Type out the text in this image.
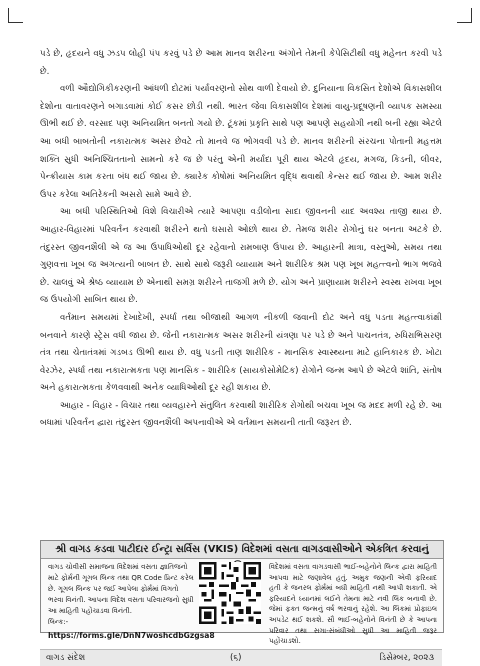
પડે છે, હૃદયને વધુ ઝડપ લોહી પંપ કરવું પડે છે આમ માનવ શરીરના અંગોને તેમની કેપેસિટીથી વધુ મહેનત કરવી પડે છે.

વળી ઔદ્યોગિકીકરણની આંધળી દોટમાં પર્યાવરણનો સોથ વાળી દેવાયો છે. દુનિયાના વિકસિત દેશોએ વિકાસશીલ દેશોના વાતાવરણને બગાડવામાં કોઈ કસર છોડી નથી. ભારત જેવા વિકાસશીલ દેશમાં વાયુ-પ્રદૂષણની વ્યાપક સમસ્યા ઊભી થઈ છે. વરસાદ પણ અનિયમિત બનતો ગયો છે. ટૂંકમાં પ્રકૃતિ સાથે પણ આપણે સહયોગી નથી બની રહ્યા એટલે આ બધી બાબતોની નકારાત્મક અસર છેવટે તો માનવે જ ભોગવવી પડે છે. માનવ શરીરની સંરચના પોતાની મહત્તમ શક્તિ સુધી અનિશ્ચિતતાનો સામનો કરે જ છે પરંતુ એની મર્યાદા પૂરી થાય એટલે હૃદય, મગજ, કિડની, લીવર, પેન્ક્રીયાસ કામ કરતા બંધ થઈ જાય છે. ક્યારેક કોષોમાં અનિયમિત વૃદ્ધિ થવાથી કેન્સર થઈ જાય છે. આમ શરીર ઉપર કરેલા અતિરેકની અસરો સામે આવે છે.

આ બધી પરિસ્થિતિઓ વિશે વિચારીએ ત્યારે આપણા વડીલોના સાદા જીવનની યાદ અવશ્ય તાજી થાય છે. આહાર-વિહારમાં પરિવર્તન કરવાથી શરીરને થતો ઘસારો ઓછો થાય છે. તેમજ શરીર રોગોનું ઘર બનતા અટકે છે. તંદુરસ્ત જીવનશૈલી એ જ આ ઉપાધિઓથી દૂર રહેવાનો રામબાણ ઉપાય છે. આહારની માત્રા, વસ્તુઓ, સમય તથા ગુણવત્તા ખૂબ જ અગત્યની બાબત છે. સાથે સાથે જરૂરી વ્યાયામ અને શારીરિક શ્રમ પણ ખૂબ મહત્ત્વનો ભાગ ભજવે છે. ચાલવું એ શ્રેષ્ઠ વ્યાયામ છે એનાથી સમગ્ર શરીરને તાજગી મળે છે. યોગ અને પ્રાણાયામ શરીરને સ્વસ્થ રાખવા ખૂબ જ ઉપયોગી સાબિત થાય છે.

વર્તમાન સમયમાં દેખાદેખી, સ્પર્ધા તથા બીજાથી આગળ નીકળી જવાની દોટ અને વધુ પડતા મહત્ત્વાકાંક્ષી બનવાને કારણે સ્ટ્રેસ વધી જાય છે. જેની નકારાત્મક અસર શરીરની યંત્રણા પર પડે છે અને પાચનતંત્ર, રુધિરાભિસરણ તંત્ર તથા ચેતાતંત્રમાં ગડબડ ઊભી થાય છે. વધુ પડતી તાણ શારીરિક - માનસિક સ્વાસ્થ્યના માટે હાનિકારક છે. ખોટા વેરઝેર, સ્પર્ધા તથા નકારાત્મકતા પણ માનસિક - શારીરિક (સાયકોસોમેટિક) રોગોને જન્મ આપે છે એટલે શાંતિ, સંતોષ અને હકારાત્મકતા કેળવવાથી અનેક વ્યાધિઓથી દૂર રહી શકાય છે.

આહાર - વિહાર - વિચાર તથા વ્યવહારને સંતુલિત કરવાથી શારીરિક રોગોથી બચવા ખૂબ જ મદદ મળી રહે છે. આ બધામાં પરિવર્તન દ્વારા તંદુરસ્ત જીવનશૈલી અપનાવીએ એ વર્તમાન સમયની તાતી જરૂરત છે.

શ્રી વાગડ કડવા પાટીદાર ઈન્ટ્રા સર્વિસ (VKIS) વિદેશમાં વસતા વાગડવાસીઓને એકત્રિત કરવાનું
વાગડ ચોવીસી સમાજના વિદેશમાં વસતા જ્ઞાતિજનો માટે ફોર્મની ગૂગલ લિન્ક તથા QR Code પ્રિન્ટ કરેલ છે. ગૂગલ લિન્ક પર જઈ આપેલા ફોર્મમાં વિગતો ભરવા વિનંતી. આપના વિદેશ વસતા પરિવારજનો સુધી આ માહિતી પહોંચાડવા વિનંતી.
લિન્ક:-
https://forms.gle/DnN7woshcdbGzgsa8
વિદેશમાં વસતા વાગડવાસી ભાઈ-બહેનોને લિન્ક દ્વારા માહિતી આપવા માટે જણાવેલ હતું. અમુક જણની એવી ફરિયાદ હતી કે જનરલ ફોર્મમાં બધી માહિતી નથી આપી શકાતી. એ ફરિયાદને ધ્યાનમાં લઈને તેમના માટે નવી લિંક બનાવી છે. જેમાં ફક્ત જન્મનું વર્ષ ભરવાનું રહેશે. આ લિંકમાં પ્રોફાઇલ અપડેટ થઈ શકશે. સૌ ભાઈ-બહેનોને વિનંતી છે કે આપના પરિવાર તથા સગા-સંબંધીઓ સુધી આ માહિતી જરૂર પહોંચાડશો.
વાગડ સંદેશ	(૬)	ડિસેમ્બર, ૨૦૨૩
